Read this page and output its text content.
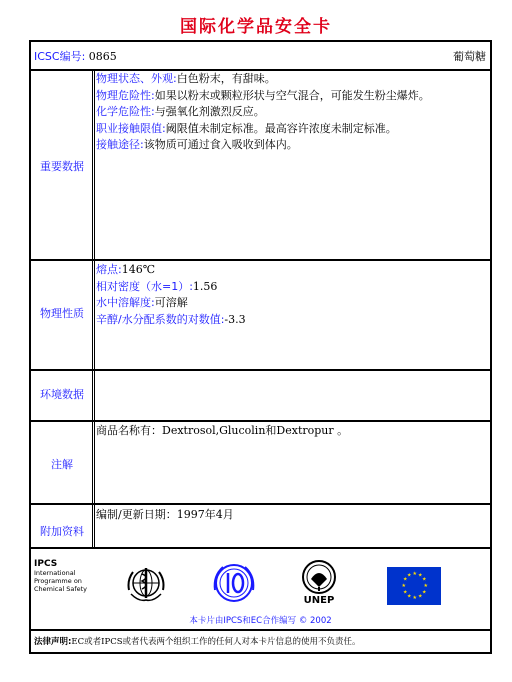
国际化学品安全卡
ICSC编号: 0865	葡萄糖
重要数据
物理状态、外观:白色粉末，有甜味。
物理危险性:如果以粉末或颗粒形状与空气混合，可能发生粉尘爆炸。
化学危险性:与强氧化剂激烈反应。
职业接触限值:阈限值未制定标准。最高容许浓度未制定标准。
接触途径:该物质可通过食入吸收到体内。
物理性质
熔点:146℃
相对密度（水=1）:1.56
水中溶解度:可溶解
辛醇/水分配系数的对数值:-3.3
环境数据
注解
商品名称有：Dextrosol,Glucolin和Dextropur 。
附加资料
编制/更新日期：1997年4月
IPCS
International
Programme on
Chemical Safety
UNEP
★ ★
★
★
★
★
★
★
★
★
★
★
本卡片由IPCS和EC合作编写 © 2002
法律声明:EC或者IPCS或者代表两个组织工作的任何人对本卡片信息的使用不负责任。
